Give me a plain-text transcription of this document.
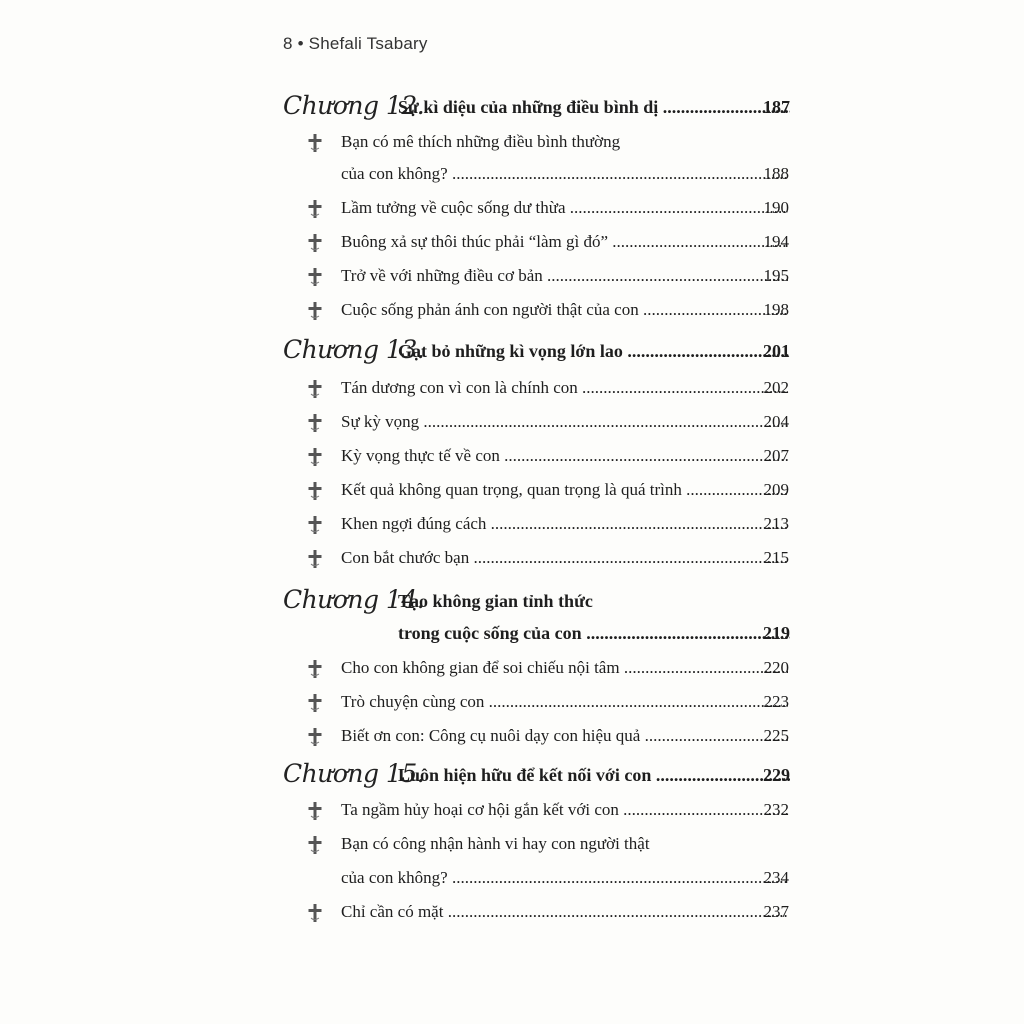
8 • Shefali Tsabary
Chương 12.
Sự kì diệu của những điều bình dị .....	187
Bạn có mê thích những điều bình thường
của con không? .....	188
Lầm tưởng về cuộc sống dư thừa .....	190
Buông xả sự thôi thúc phải “làm gì đó” .....	194
Trở về với những điều cơ bản .....	195
Cuộc sống phản ánh con người thật của con .....	198
Chương 13.
Gạt bỏ những kì vọng lớn lao .....	201
Tán dương con vì con là chính con .....	202
Sự kỳ vọng .....	204
Kỳ vọng thực tế về con .....	207
Kết quả không quan trọng, quan trọng là quá trình .....	209
Khen ngợi đúng cách .....	213
Con bắt chước bạn .....	215
Chương 14.
Tạo không gian tỉnh thức
trong cuộc sống của con .....	219
Cho con không gian để soi chiếu nội tâm .....	220
Trò chuyện cùng con .....	223
Biết ơn con: Công cụ nuôi dạy con hiệu quả .....	225
Chương 15.
Luôn hiện hữu để kết nối với con .....	229
Ta ngầm hủy hoại cơ hội gắn kết với con .....	232
Bạn có công nhận hành vi hay con người thật
của con không? .....	234
Chỉ cần có mặt .....	237
